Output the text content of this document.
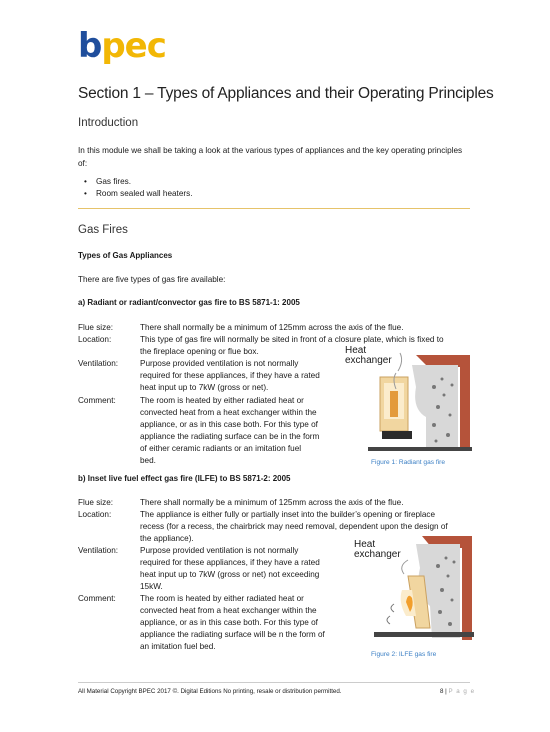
bpec
Section 1 – Types of Appliances and their Operating Principles
Introduction
In this module we shall be taking a look at the various types of appliances and the key operating principles of:
• Gas fires.
• Room sealed wall heaters.
Gas Fires
Types of Gas Appliances
There are five types of gas fire available:
a) Radiant or radiant/convector gas fire to BS 5871-1: 2005
Flue size:	There shall normally be a minimum of 125mm across the axis of the flue.
Location:	This type of gas fire will normally be sited in front of a closure plate, which is fixed to
the fireplace opening or flue box.
Ventilation:	Purpose provided ventilation is not normally
required for these appliances, if they have a rated
heat input up to 7kW (gross or net).
Comment:	The room is heated by either radiated heat or
convected heat from a heat exchanger within the
appliance, or as in this case both. For this type of
appliance the radiating surface can be in the form
of either ceramic radiants or an imitation fuel
bed.
Heat
exchanger
Figure 1: Radiant gas fire
b) Inset live fuel effect gas fire (ILFE) to BS 5871-2: 2005
Flue size:	There shall normally be a minimum of 125mm across the axis of the flue.
Location:	The appliance is either fully or partially inset into the builder’s opening or fireplace
recess (for a recess, the chairbrick may need removal, dependent upon the design of
the appliance).
Ventilation:	Purpose provided ventilation is not normally
required for these appliances, if they have a rated
heat input up to 7kW (gross or net) not exceeding
15kW.
Comment:	The room is heated by either radiated heat or
convected heat from a heat exchanger within the
appliance, or as in this case both. For this type of
appliance the radiating surface will be n the form of
an imitation fuel bed.
Heat
exchanger
Figure 2: ILFE gas fire
All Material Copyright BPEC 2017 ©. Digital Editions No printing, resale or distribution permitted.	8 | P a g e
